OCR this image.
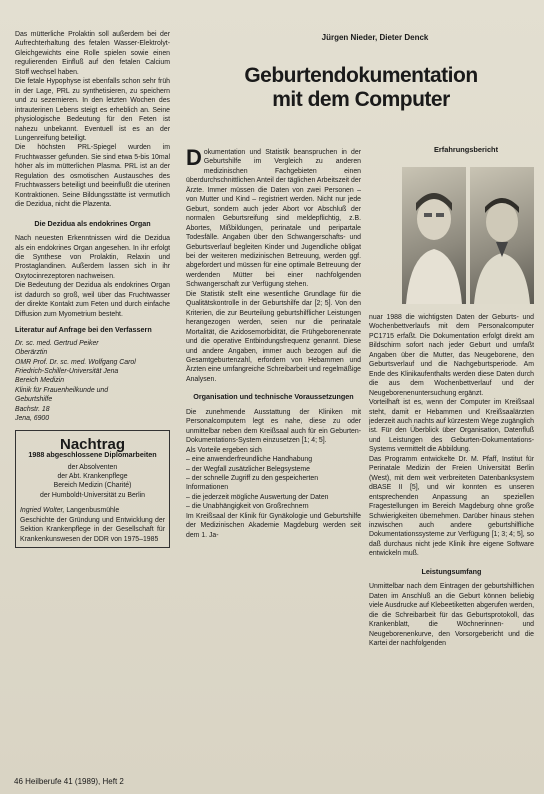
Das mütterliche Prolaktin soll außerdem bei der Aufrechterhaltung des fetalen Wasser-Elektrolyt-Gleichgewichts eine Rolle spielen sowie einen regulierenden Einfluß auf den fetalen Calcium Stoff wechsel haben.

Die fetale Hypophyse ist ebenfalls schon sehr früh in der Lage, PRL zu synthetisieren, zu speichern und zu sezernieren. In den letzten Wochen des intrauterinen Lebens steigt es erheblich an. Seine physiologische Bedeutung für den Feten ist nahezu unbekannt. Eventuell ist es an der Lungenreifung beteiligt.

Die höchsten PRL-Spiegel wurden im Fruchtwasser gefunden. Sie sind etwa 5-bis 10mal höher als im mütterlichen Plasma. PRL ist an der Regulation des osmotischen Austausches des Fruchtwassers beteiligt und beeinflußt die uterinen Kontraktionen. Seine Bildungsstätte ist vermutlich die Dezidua, nicht die Plazenta.

Die Dezidua als endokrines Organ

Nach neuesten Erkenntnissen wird die Dezidua als ein endokrines Organ angesehen. In ihr erfolgt die Synthese von Prolaktin, Relaxin und Prostaglandinen. Außerdem lassen sich in ihr Oxytocinrezeptoren nachweisen.

Die Bedeutung der Dezidua als endokrines Organ ist dadurch so groß, weil über das Fruchtwasser der direkte Kontakt zum Feten und durch einfache Diffusion zum Myometrium besteht.

Literatur auf Anfrage bei den Verfassern
Dr. sc. med. Gertrud Peiker
Oberärztin
OMR Prof. Dr. sc. med. Wolfgang Carol
Friedrich-Schiller-Universität Jena
Bereich Medizin
Klinik für Frauenheilkunde und
Geburtshilfe
Bachstr. 18
Jena, 6900
Nachtrag
1988 abgeschlossene Diplomarbeiten
der Absolventen
der Abt. Krankenpflege
Bereich Medizin (Charité)
der Humboldt-Universität zu Berlin

Ingried Wolter, Langenbusmühle

Geschichte der Gründung und Entwicklung der Sektion Krankenpflege in der Gesellschaft für Krankenkunswesen der DDR von 1975–1985

Jürgen Nieder, Dieter Denck
Geburtendokumentation
mit dem Computer
Erfahrungsbericht

Dokumentation und Statistik beanspruchen in der Geburtshilfe im Vergleich zu anderen medizinischen Fachgebieten einen überdurchschnittlichen Anteil der täglichen Arbeitszeit der Ärzte. Immer müssen die Daten von zwei Personen – von Mutter und Kind – registriert werden. Nicht nur jede Geburt, sondern auch jeder Abort vor Abschluß der normalen Geburtsreifung sind meldepflichtig, z.B. Abortes, Mißbildungen, perinatale und peripartale Todesfälle. Angaben über den Schwangerschafts- und Geburtsverlauf begleiten Kinder und Jugendliche obligat bei der weiteren medizinischen Betreuung, werden ggf. abgefordert und müssen für eine optimale Betreuung der werdenden Mütter bei einer nachfolgenden Schwangerschaft zur Verfügung stehen.

Die Statistik stellt eine wesentliche Grundlage für die Qualitätskontrolle in der Geburtshilfe dar [2; 5]. Von den Kriterien, die zur Beurteilung geburtshilflicher Leistungen herangezogen werden, seien nur die perinatale Mortalität, die Azidosemorbidität, die Frühgeborenenrate und die operative Entbindungsfrequenz genannt. Diese und andere Angaben, immer auch bezogen auf die Gesamtgeburtenzahl, erfordern von Hebammen und Ärzten eine umfangreiche Schreibarbeit und regelmäßige Analysen.

Organisation und technische Voraussetzungen

Die zunehmende Ausstattung der Kliniken mit Personalcomputern legt es nahe, diese zu oder unmittelbar neben dem Kreißsaal auch für ein Geburten-Dokumentations-System einzusetzen [1; 4; 5].

Als Vorteile ergeben sich

– eine anwenderfreundliche Handhabung
– der Wegfall zusätzlicher Belegsysteme
– der schnelle Zugriff zu den gespeicherten Informationen
– die jederzeit mögliche Auswertung der Daten
– die Unabhängigkeit von Großrechnern

Im Kreißsaal der Klinik für Gynäkologie und Geburtshilfe der Medizinischen Akademie Magdeburg werden seit dem 1. Ja-

nuar 1988 die wichtigsten Daten der Geburts- und Wochenbettverlaufs mit dem Personalcomputer PC1715 erfaßt. Die Dokumentation erfolgt direkt am Bildschirm sofort nach jeder Geburt und umfaßt Angaben über die Mutter, das Neugeborene, den Geburtsverlauf und die Nachgeburtsperiode. Am Ende des Klinikaufenthalts werden diese Daten durch die aus dem Wochenbettverlauf und der Neugeborenenuntersuchung ergänzt.

Vorteilhaft ist es, wenn der Computer im Kreißsaal steht, damit er Hebammen und Kreißsaalärzten jederzeit auch nachts auf kürzestem Wege zugänglich ist. Für den Überblick über Organisation, Datenfluß und Leistungen des Geburten-Dokumentations-Systems vermittelt die Abbildung.

Das Programm entwickelte Dr. M. Pfaff, Institut für Perinatale Medizin der Freien Universität Berlin (West), mit dem weit verbreiteten Datenbanksystem dBASE II [5], und wir konnten es unseren entsprechenden Anpassung an speziellen Fragestellungen im Bereich Magdeburg ohne große Schwierigkeiten übernehmen. Darüber hinaus stehen inzwischen auch andere geburtshilfliche Dokumentationssysteme zur Verfügung [1; 3; 4; 5], so daß durchaus nicht jede Klinik ihre eigene Software entwickeln muß.

Leistungsumfang

Unmittelbar nach dem Eintragen der geburtshilflichen Daten im Anschluß an die Geburt können beliebig viele Ausdrucke auf Klebeetiketten abgerufen werden, die die Schreibarbeit für das Geburtsprotokoll, das Krankenblatt, die Wöchnerinnen- und Neugeborenenkurve, den Vorsorgebericht und die Kartei der nachfolgenden

46 Heilberufe 41 (1989), Heft 2
